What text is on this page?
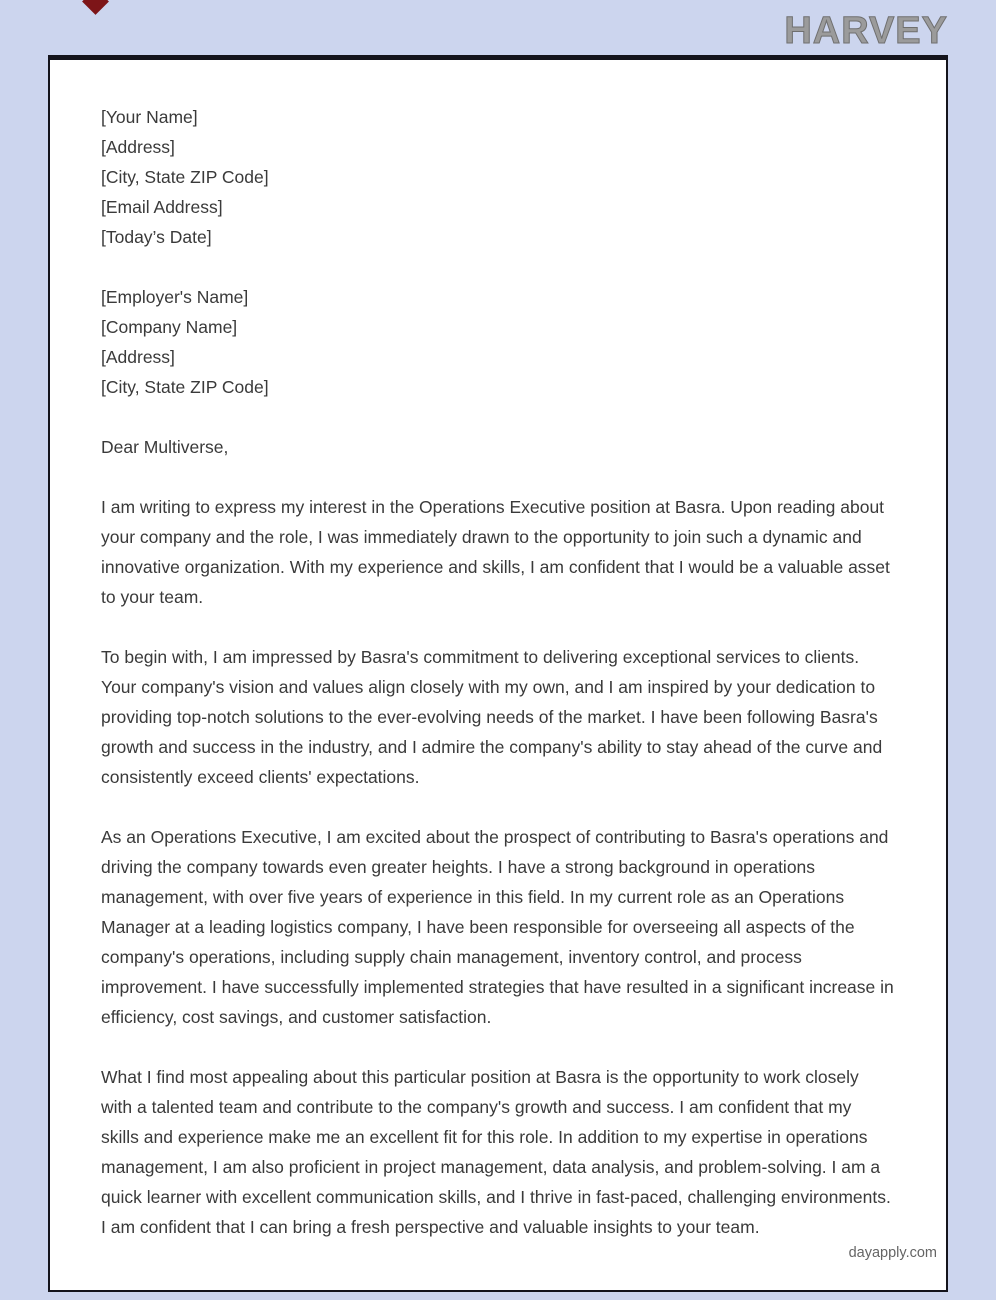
HARVEY
[Your Name]
[Address]
[City, State ZIP Code]
[Email Address]
[Today’s Date]
[Employer's Name]
[Company Name]
[Address]
[City, State ZIP Code]
Dear Multiverse,

I am writing to express my interest in the Operations Executive position at Basra. Upon reading about your company and the role, I was immediately drawn to the opportunity to join such a dynamic and innovative organization. With my experience and skills, I am confident that I would be a valuable asset to your team.

To begin with, I am impressed by Basra's commitment to delivering exceptional services to clients. Your company's vision and values align closely with my own, and I am inspired by your dedication to providing top-notch solutions to the ever-evolving needs of the market. I have been following Basra's growth and success in the industry, and I admire the company's ability to stay ahead of the curve and consistently exceed clients' expectations.

As an Operations Executive, I am excited about the prospect of contributing to Basra's operations and driving the company towards even greater heights. I have a strong background in operations management, with over five years of experience in this field. In my current role as an Operations Manager at a leading logistics company, I have been responsible for overseeing all aspects of the company's operations, including supply chain management, inventory control, and process improvement. I have successfully implemented strategies that have resulted in a significant increase in efficiency, cost savings, and customer satisfaction.

What I find most appealing about this particular position at Basra is the opportunity to work closely with a talented team and contribute to the company's growth and success. I am confident that my skills and experience make me an excellent fit for this role. In addition to my expertise in operations management, I am also proficient in project management, data analysis, and problem-solving. I am a quick learner with excellent communication skills, and I thrive in fast-paced, challenging environments. I am confident that I can bring a fresh perspective and valuable insights to your team.

dayapply.com
